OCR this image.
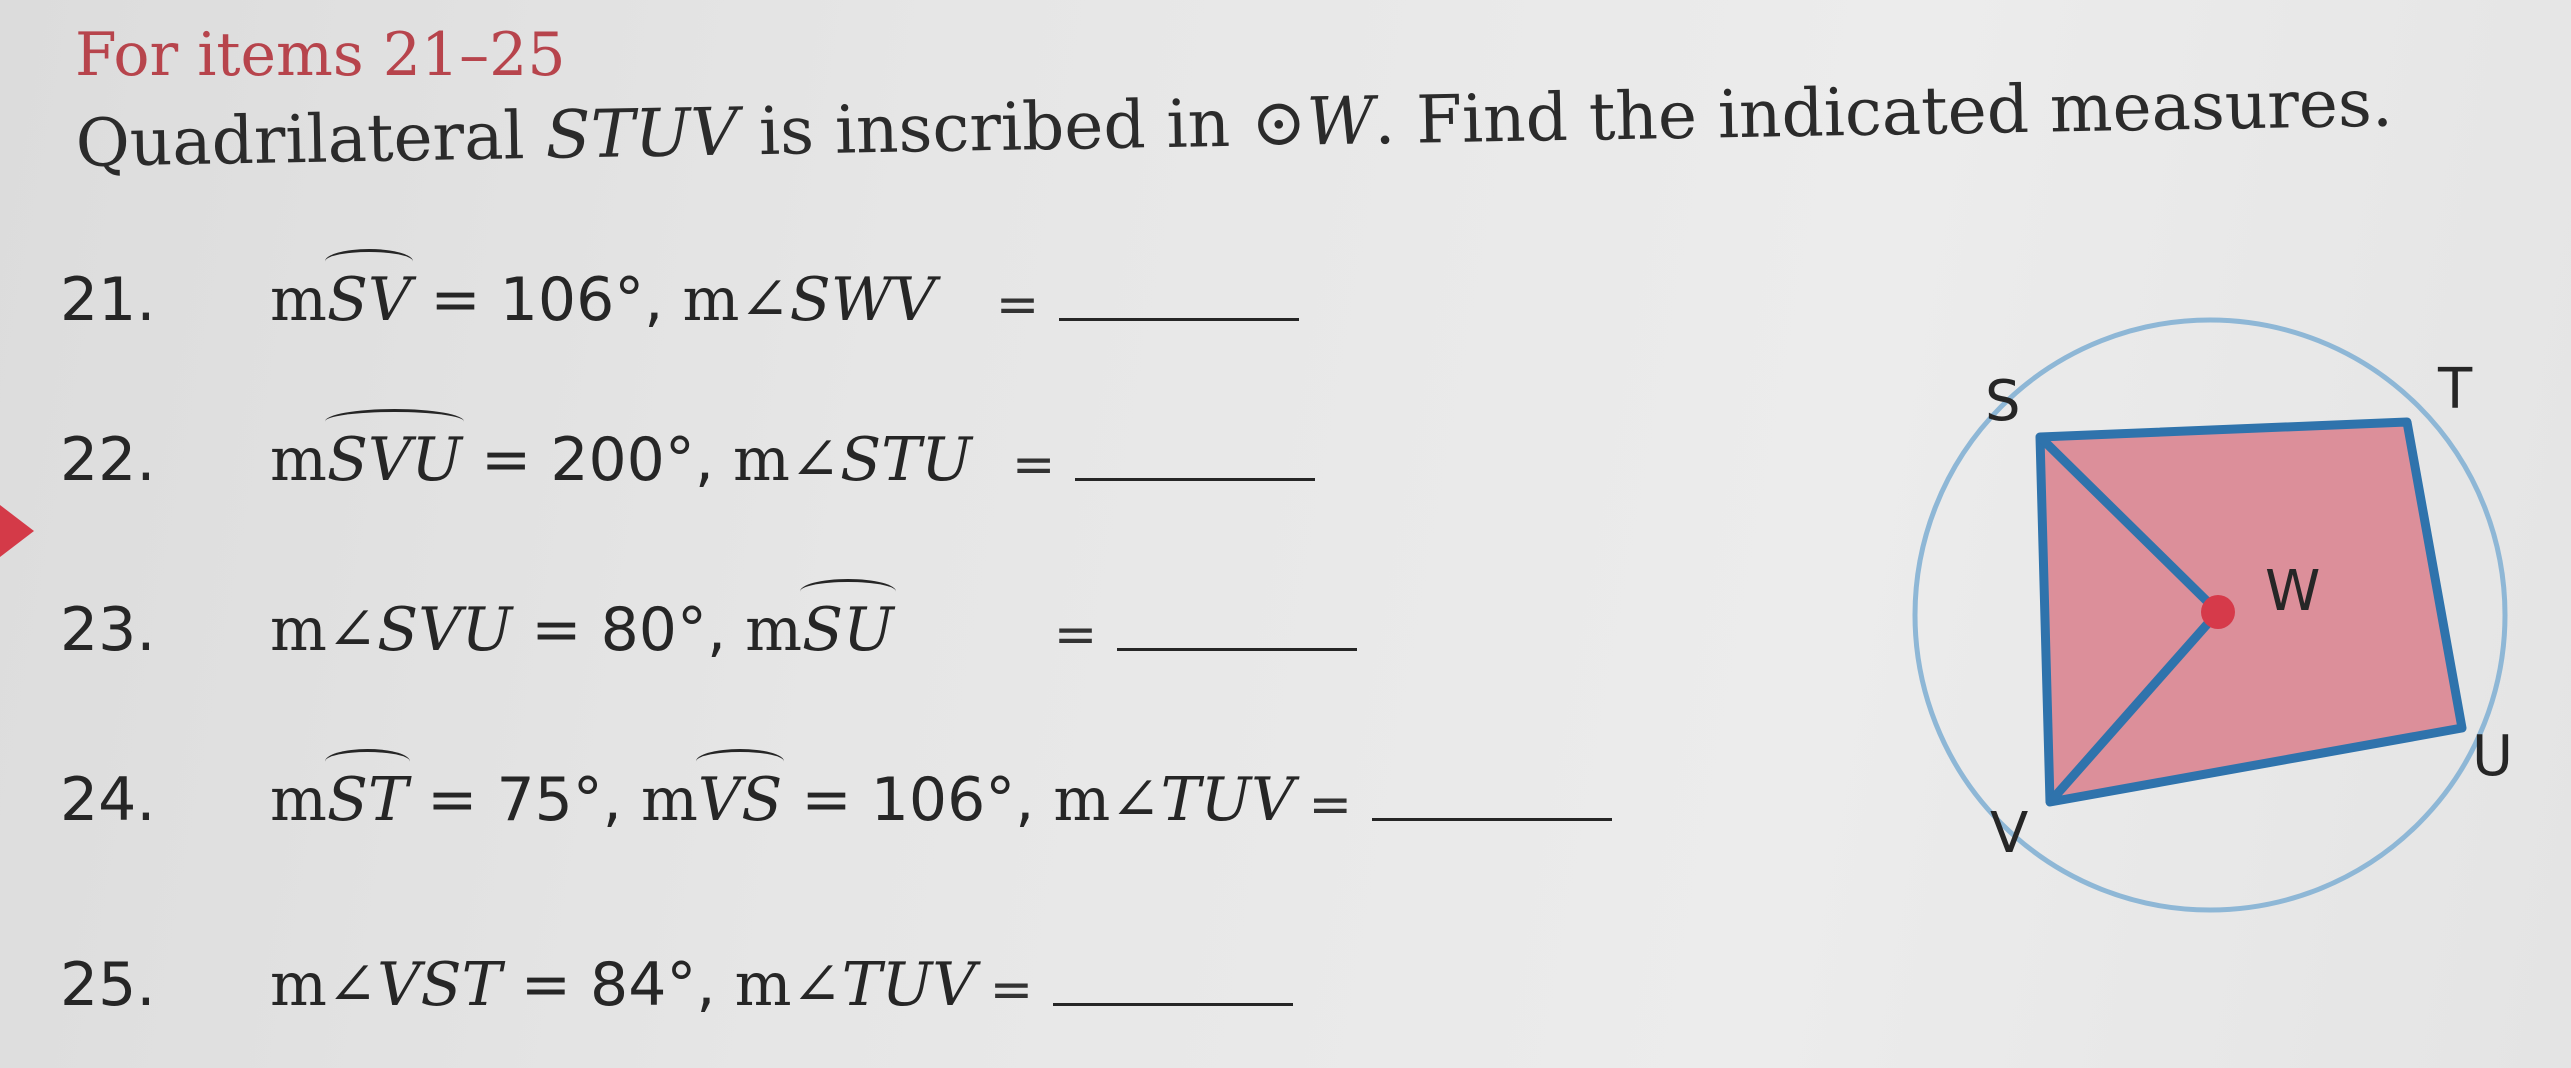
For items 21–25
Quadrilateral STUV is inscribed in ⊙W. Find the indicated measures.
21.	mSV = 106°, m∠SWV =
22.	mSVU = 200°, m∠STU =
23.	m∠SVU = 80°, mSU	=
24.	mST = 75°, mVS = 106°, m∠TUV =
25.	m∠VST = 84°, m∠TUV =
S	T
U
V
W
